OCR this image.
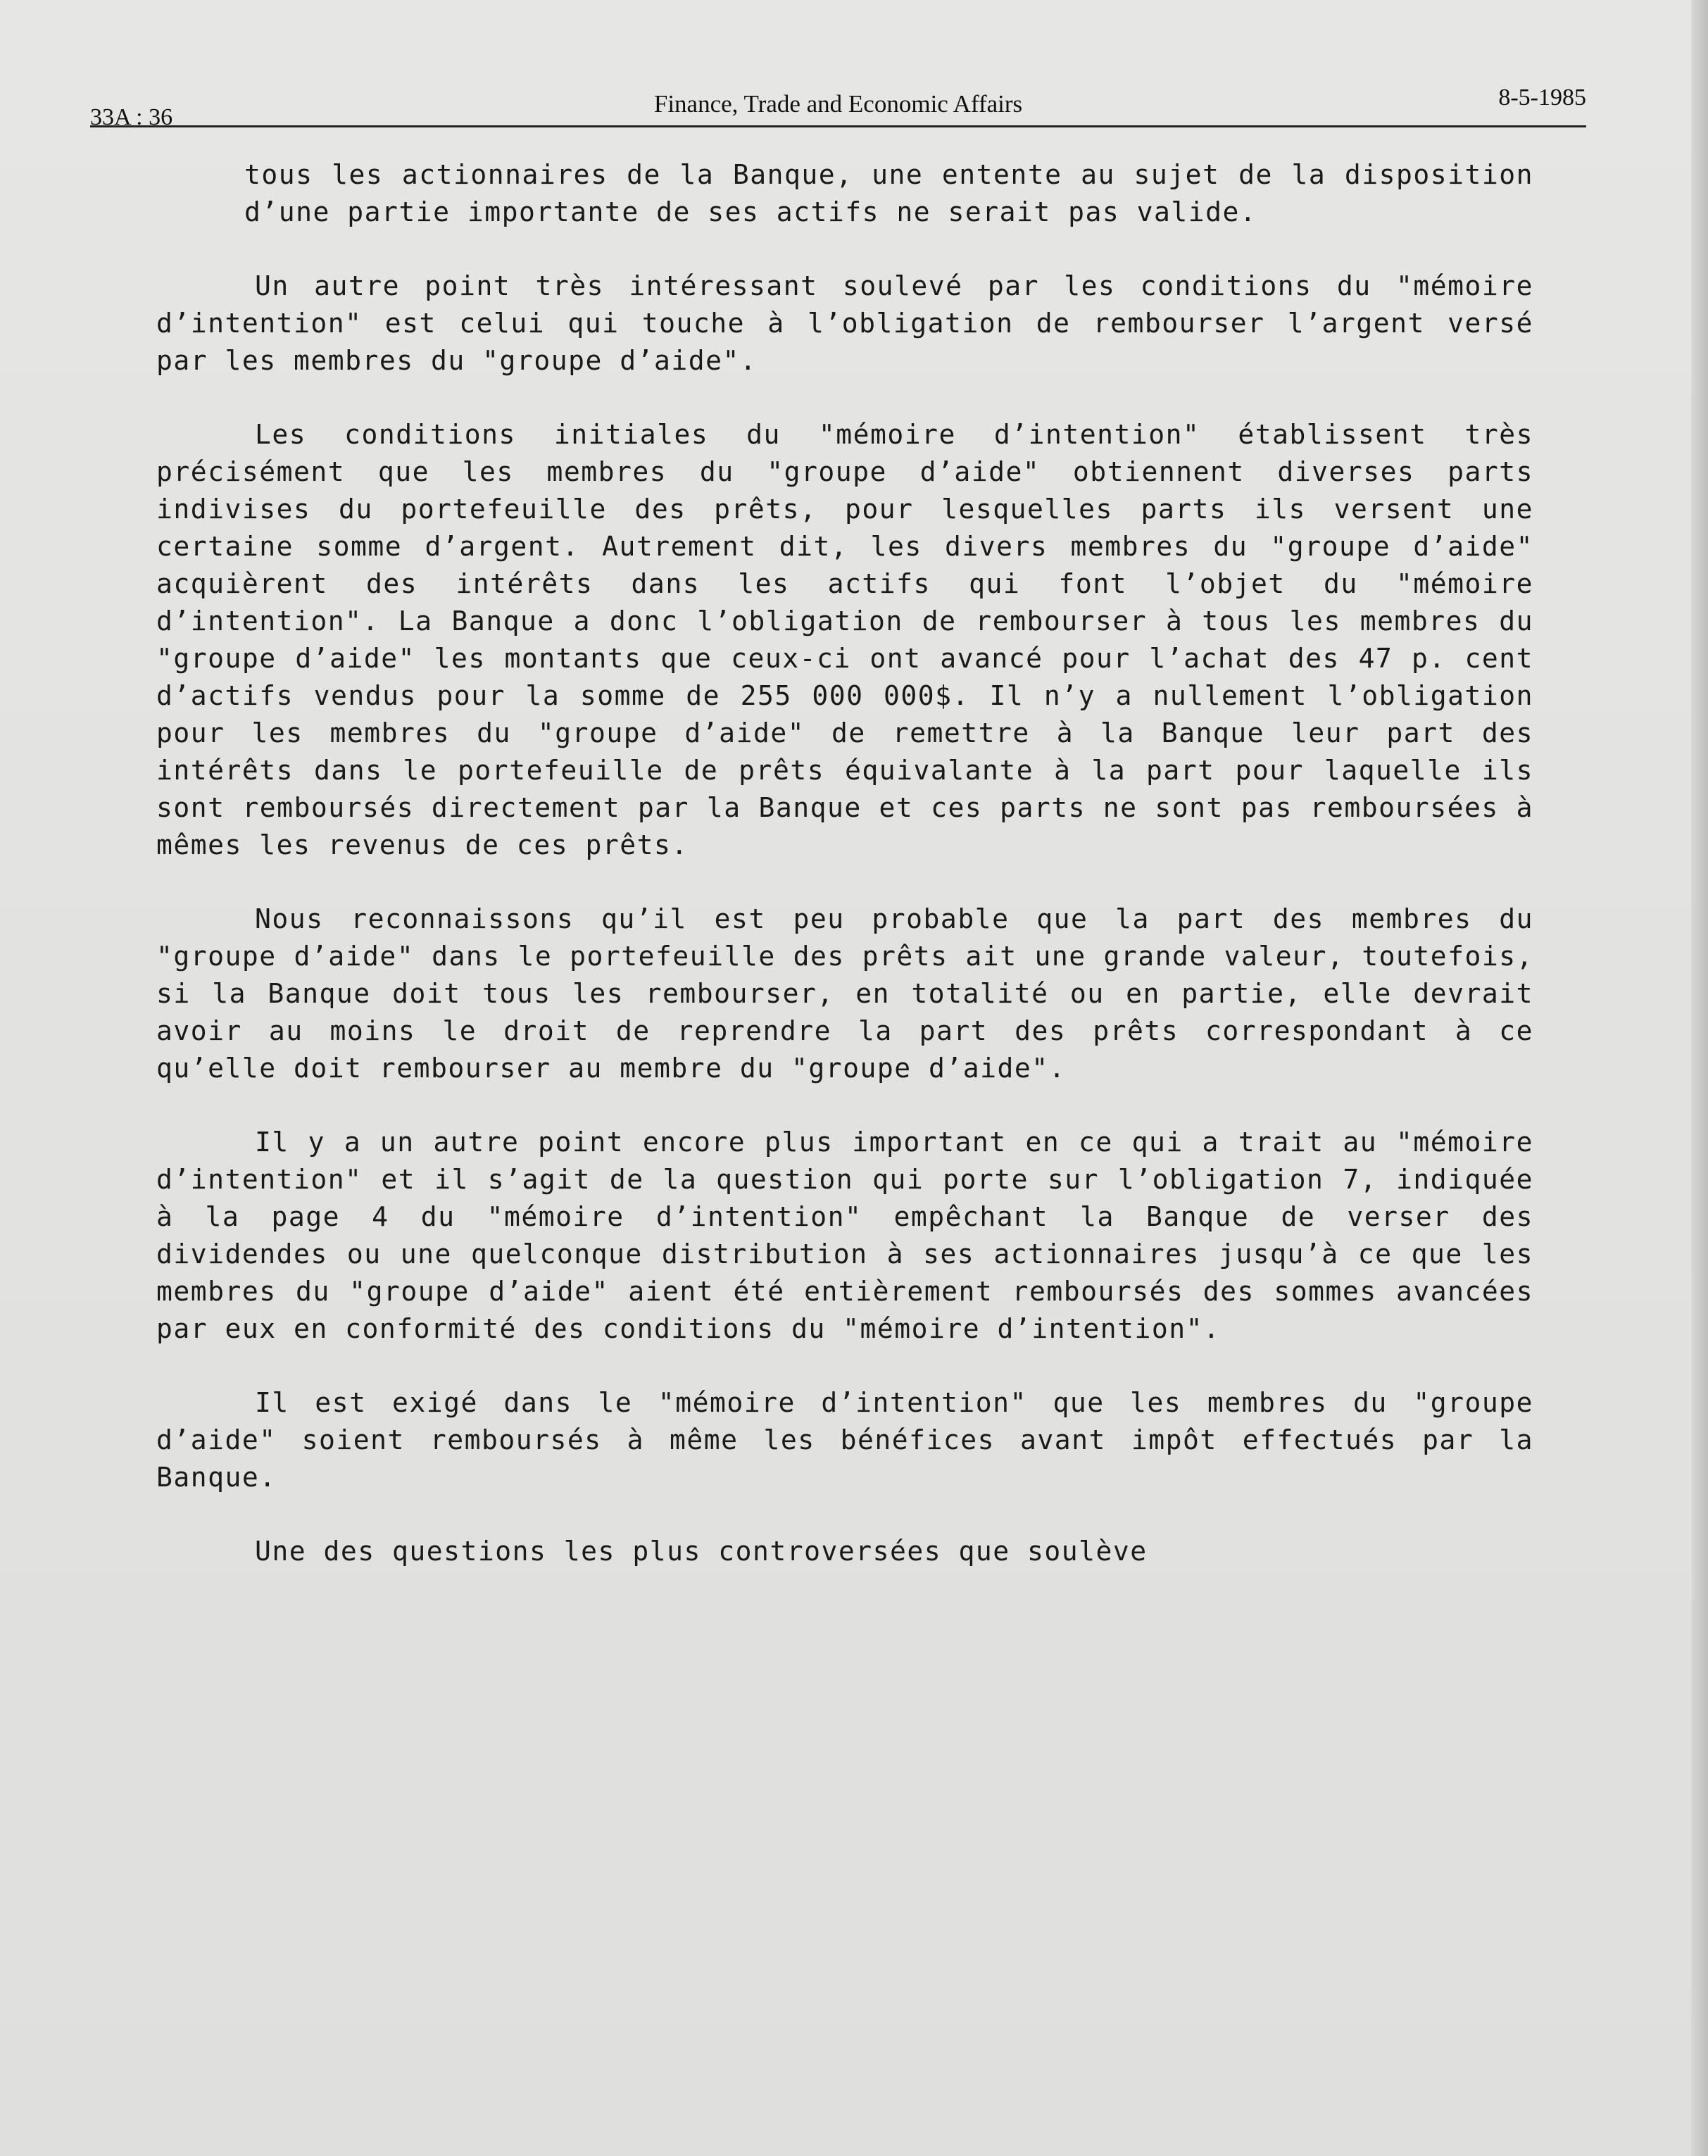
33A : 36	Finance, Trade and Economic Affairs	8-5-1985

tous les actionnaires de la Banque, une entente au sujet de la disposition d’une partie importante de ses actifs ne serait pas valide.

Un autre point très intéressant soulevé par les conditions du "mémoire d’intention" est celui qui touche à l’obligation de rembourser l’argent versé par les membres du "groupe d’aide".

Les conditions initiales du "mémoire d’intention" établissent très précisément que les membres du "groupe d’aide" obtiennent diverses parts indivises du portefeuille des prêts, pour lesquelles parts ils versent une certaine somme d’argent. Autrement dit, les divers membres du "groupe d’aide" acquièrent des intérêts dans les actifs qui font l’objet du "mémoire d’intention". La Banque a donc l’obligation de rembourser à tous les membres du "groupe d’aide" les montants que ceux-ci ont avancé pour l’achat des 47 p. cent d’actifs vendus pour la somme de 255 000 000$. Il n’y a nullement l’obligation pour les membres du "groupe d’aide" de remettre à la Banque leur part des intérêts dans le portefeuille de prêts équivalante à la part pour laquelle ils sont remboursés directement par la Banque et ces parts ne sont pas remboursées à mêmes les revenus de ces prêts.

Nous reconnaissons qu’il est peu probable que la part des membres du "groupe d’aide" dans le portefeuille des prêts ait une grande valeur, toutefois, si la Banque doit tous les rembourser, en totalité ou en partie, elle devrait avoir au moins le droit de reprendre la part des prêts correspondant à ce qu’elle doit rembourser au membre du "groupe d’aide".

Il y a un autre point encore plus important en ce qui a trait au "mémoire d’intention" et il s’agit de la question qui porte sur l’obligation 7, indiquée à la page 4 du "mémoire d’intention" empêchant la Banque de verser des dividendes ou une quelconque distribution à ses actionnaires jusqu’à ce que les membres du "groupe d’aide" aient été entièrement remboursés des sommes avancées par eux en conformité des conditions du "mémoire d’intention".

Il est exigé dans le "mémoire d’intention" que les membres du "groupe d’aide" soient remboursés à même les bénéfices avant impôt effectués par la Banque.

Une des questions les plus controversées que soulève
